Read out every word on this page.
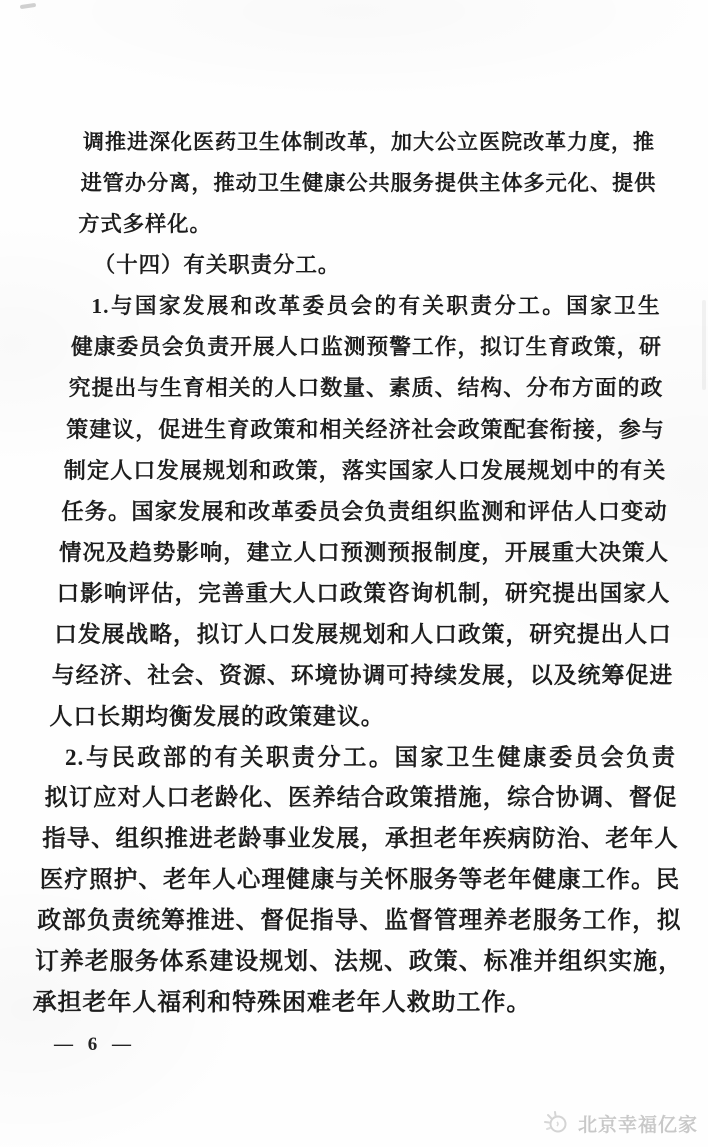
调推进深化医药卫生体制改革，加大公立医院改革力度，推
进管办分离，推动卫生健康公共服务提供主体多元化、提供
方式多样化。
（十四）有关职责分工。
1.与国家发展和改革委员会的有关职责分工。国家卫生
健康委员会负责开展人口监测预警工作，拟订生育政策，研
究提出与生育相关的人口数量、素质、结构、分布方面的政
策建议，促进生育政策和相关经济社会政策配套衔接，参与
制定人口发展规划和政策，落实国家人口发展规划中的有关
任务。国家发展和改革委员会负责组织监测和评估人口变动
情况及趋势影响，建立人口预测预报制度，开展重大决策人
口影响评估，完善重大人口政策咨询机制，研究提出国家人
口发展战略，拟订人口发展规划和人口政策，研究提出人口
与经济、社会、资源、环境协调可持续发展，以及统筹促进
人口长期均衡发展的政策建议。
2.与民政部的有关职责分工。国家卫生健康委员会负责
拟订应对人口老龄化、医养结合政策措施，综合协调、督促
指导、组织推进老龄事业发展，承担老年疾病防治、老年人
医疗照护、老年人心理健康与关怀服务等老年健康工作。民
政部负责统筹推进、督促指导、监督管理养老服务工作，拟
订养老服务体系建设规划、法规、政策、标准并组织实施，
承担老年人福利和特殊困难老年人救助工作。
— 6 —
北京幸福亿家
